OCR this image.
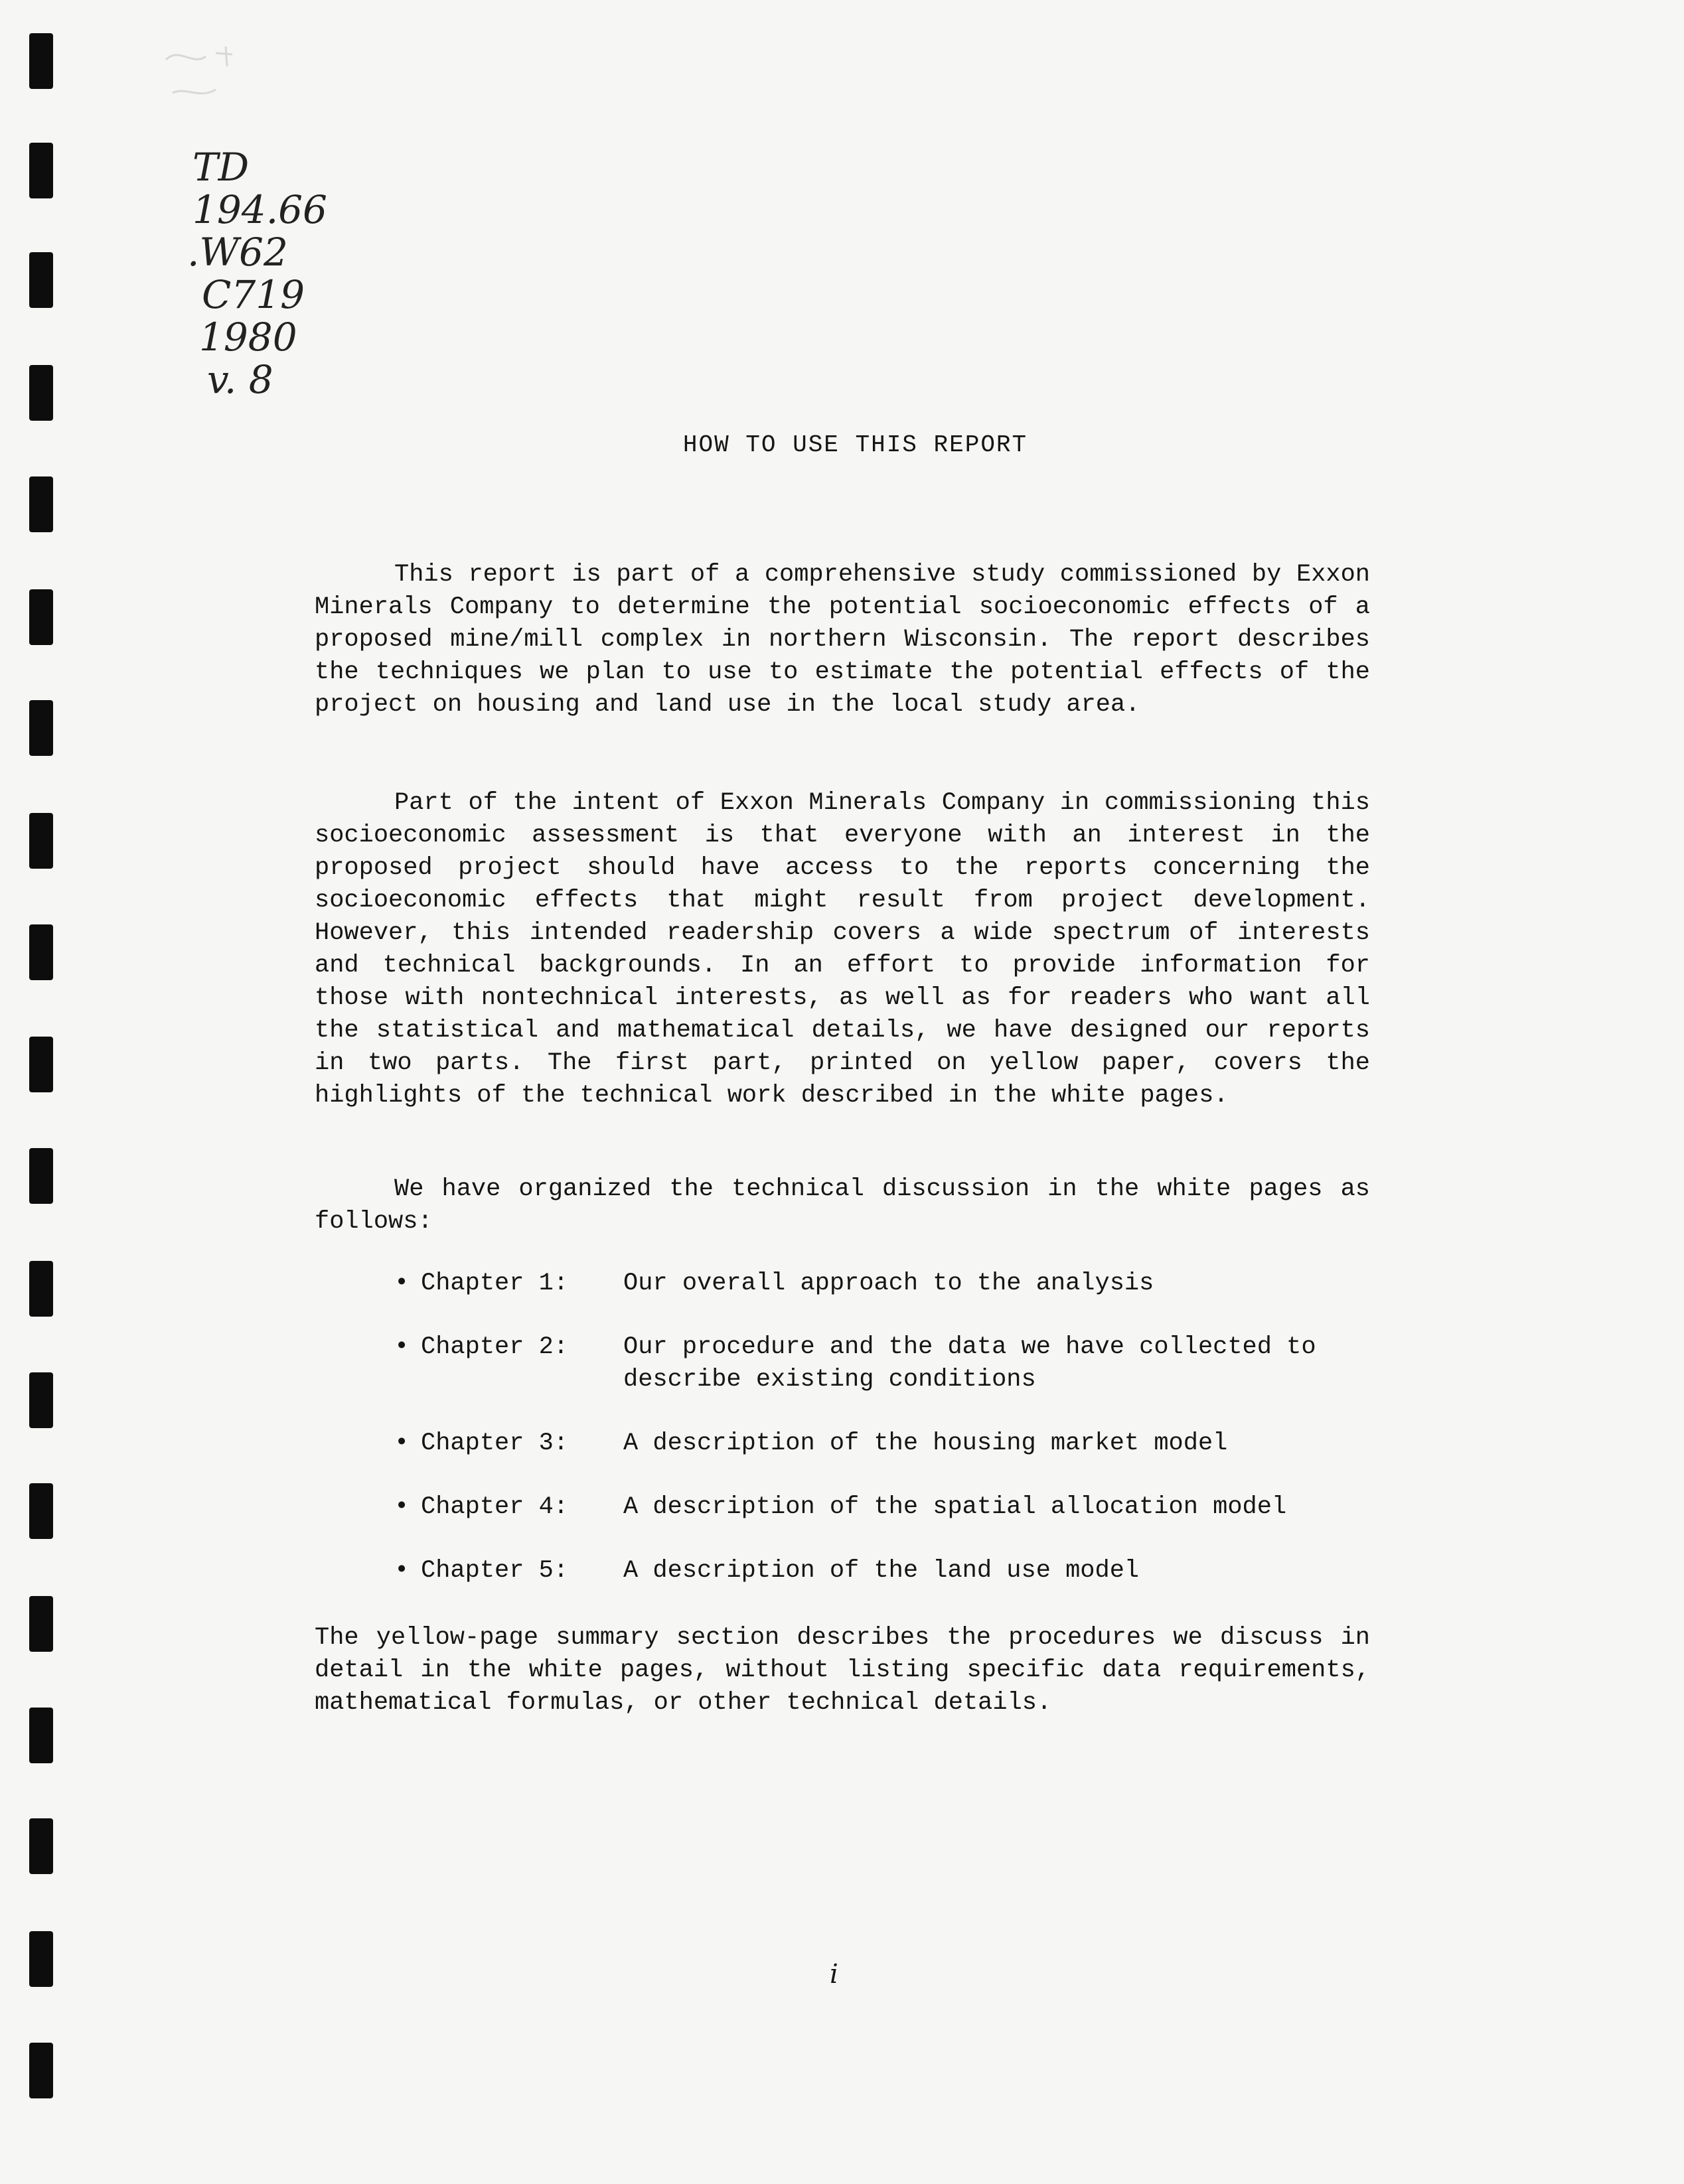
TD
194.66
.W62
C719
1980
v. 8
HOW TO USE THIS REPORT
This report is part of a comprehensive study commissioned by Exxon Minerals Company to determine the potential socioeconomic effects of a proposed mine/mill complex in northern Wisconsin. The report describes the techniques we plan to use to estimate the potential effects of the project on housing and land use in the local study area.
Part of the intent of Exxon Minerals Company in commissioning this socioeconomic assessment is that everyone with an interest in the proposed project should have access to the reports concerning the socioeconomic effects that might result from project development. However, this intended readership covers a wide spectrum of interests and technical backgrounds. In an effort to provide information for those with nontechnical interests, as well as for readers who want all the statistical and mathematical details, we have designed our reports in two parts. The first part, printed on yellow paper, covers the highlights of the technical work described in the white pages.
We have organized the technical discussion in the white pages as follows:
• Chapter 1:	Our overall approach to the analysis
• Chapter 2:	Our procedure and the data we have collected to describe existing conditions
• Chapter 3:	A description of the housing market model
• Chapter 4:	A description of the spatial allocation model
• Chapter 5:	A description of the land use model
The yellow-page summary section describes the procedures we discuss in detail in the white pages, without listing specific data requirements, mathematical formulas, or other technical details.
i
